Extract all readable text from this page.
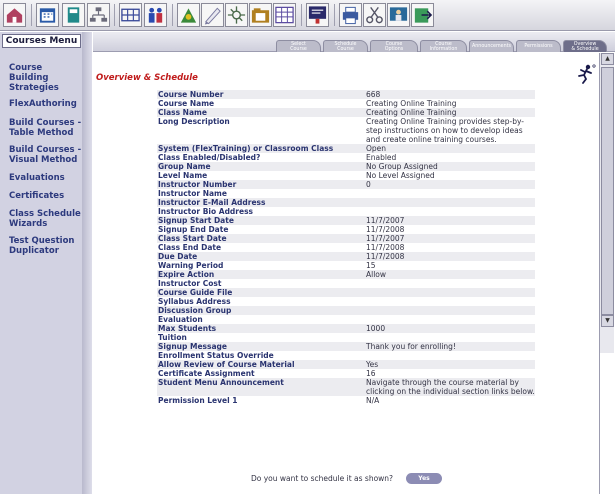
Courses Menu
Course
Building
Strategies
FlexAuthoring
Build Courses -
Table Method
Build Courses -
Visual Method
Evaluations
Certificates
Class Schedule
Wizards
Test Question
Duplicator
Select
Course
Schedule
Course
Course
Options
Course
Information
Announcements	Permissions	Overview
& Schedule
Overview & Schedule
Course Number	668
Course Name	Creating Online Training
Class Name	Creating Online Training
Long Description	Creating Online Training provides step-by-step instructions on how to develop ideas and create online training courses.
System (FlexTraining) or Classroom Class	Open
Class Enabled/Disabled?	Enabled
Group Name	No Group Assigned
Level Name	No Level Assigned
Instructor Number	0
Instructor Name	
Instructor E-Mail Address	
Instructor Bio Address	
Signup Start Date	11/7/2007
Signup End Date	11/7/2008
Class Start Date	11/7/2007
Class End Date	11/7/2008
Due Date	11/7/2008
Warning Period	15
Expire Action	Allow
Instructor Cost	
Course Guide File	
Syllabus Address	
Discussion Group	
Evaluation	
Max Students	1000
Tuition	
Signup Message	Thank you for enrolling!
Enrollment Status Override	
Allow Review of Course Material	Yes
Certificate Assignment	16
Student Menu Announcement	Navigate through the course material by clicking on the individual section links below.
Permission Level 1	N/A
Do you want to schedule it as shown?	Yes
▲
▼
